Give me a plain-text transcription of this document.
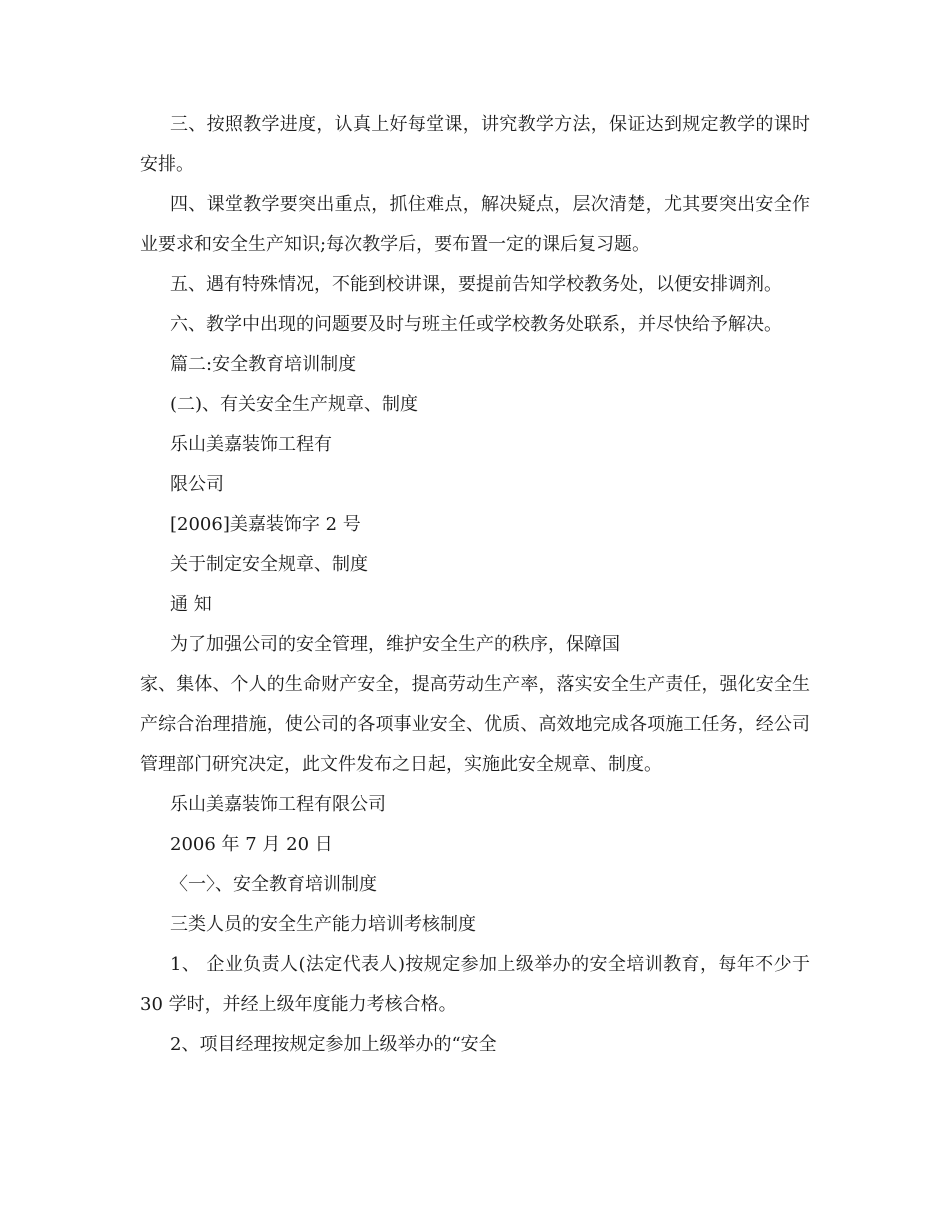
三、按照教学进度，认真上好每堂课，讲究教学方法，保证达到规定教学的课时安排。

四、课堂教学要突出重点，抓住难点，解决疑点，层次清楚，尤其要突出安全作业要求和安全生产知识;每次教学后，要布置一定的课后复习题。

五、遇有特殊情况，不能到校讲课，要提前告知学校教务处，以便安排调剂。

六、教学中出现的问题要及时与班主任或学校教务处联系，并尽快给予解决。

篇二:安全教育培训制度

(二)、有关安全生产规章、制度

乐山美嘉装饰工程有

限公司

[2006]美嘉装饰字 2 号

关于制定安全规章、制度

通 知

为了加强公司的安全管理，维护安全生产的秩序，保障国

家、集体、个人的生命财产安全，提高劳动生产率，落实安全生产责任，强化安全生产综合治理措施，使公司的各项事业安全、优质、高效地完成各项施工任务，经公司管理部门研究决定，此文件发布之日起，实施此安全规章、制度。

乐山美嘉装饰工程有限公司

2006 年 7 月 20 日

〈一〉、安全教育培训制度

三类人员的安全生产能力培训考核制度

1、 企业负责人(法定代表人)按规定参加上级举办的安全培训教育，每年不少于 30 学时，并经上级年度能力考核合格。

2、项目经理按规定参加上级举办的“安全
